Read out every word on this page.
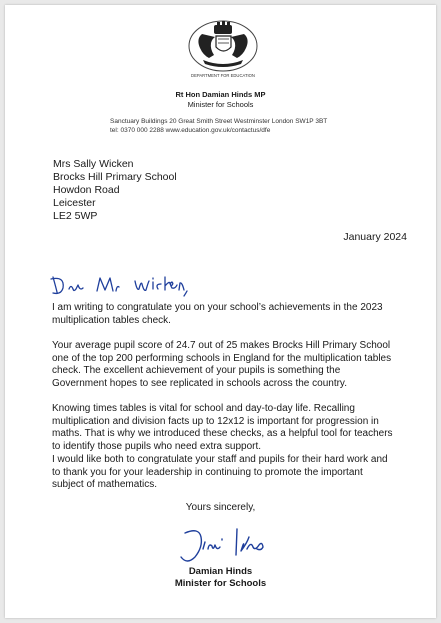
DEPARTMENT FOR EDUCATION
Rt Hon Damian Hinds MP
Minister for Schools
Sanctuary Buildings 20 Great Smith Street Westminster London SW1P 3BT
tel: 0370 000 2288 www.education.gov.uk/contactus/dfe
Mrs Sally Wicken
Brocks Hill Primary School
Howdon Road
Leicester
LE2 5WP
January 2024

I am writing to congratulate you on your school’s achievements in the 2023 multiplication tables check.

Your average pupil score of 24.7 out of 25 makes Brocks Hill Primary School one of the top 200 performing schools in England for the multiplication tables check. The excellent achievement of your pupils is something the Government hopes to see replicated in schools across the country.

Knowing times tables is vital for school and day-to-day life. Recalling multiplication and division facts up to 12x12 is important for progression in maths. That is why we introduced these checks, as a helpful tool for teachers to identify those pupils who need extra support.

I would like both to congratulate your staff and pupils for their hard work and to thank you for your leadership in continuing to promote the important subject of mathematics.

Yours sincerely,
Damian Hinds
Minister for Schools
